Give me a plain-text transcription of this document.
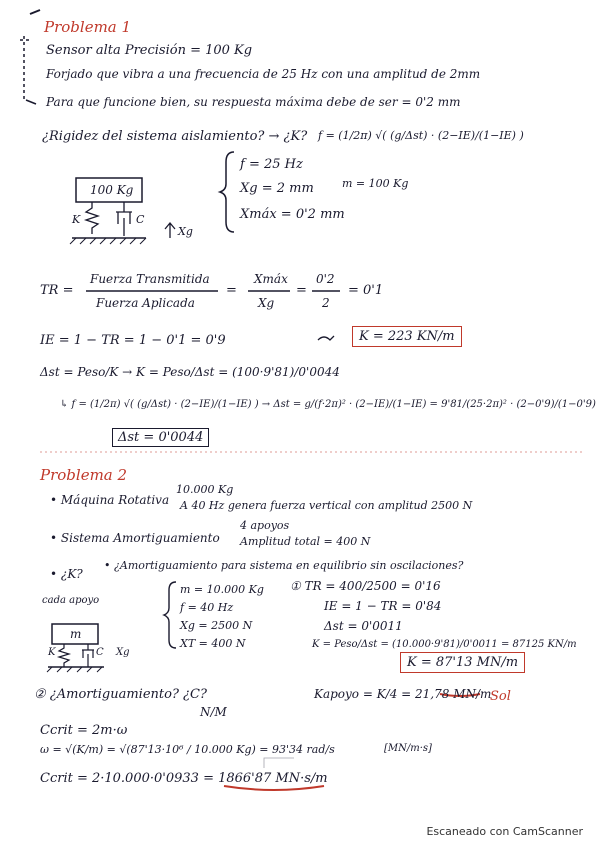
Problema 1
Sensor alta Precisión = 100 Kg
Forjado que vibra a una frecuencia de 25 Hz con una amplitud de 2mm
Para que funcione bien, su respuesta máxima debe de ser = 0'2 mm
¿Rigidez del sistema aislamiento? → ¿K? f = (1/2π) √( (g/Δst) · (2−IE)/(1−IE) )
100 Kg
K	C
Xg
f = 25 Hz
Xg = 2 mm
Xmáx = 0'2 mm
m = 100 Kg
TR =
Fuerza Transmitida
Fuerza Aplicada
=
Xmáx
Xg
=
0'2
2
= 0'1
IE = 1 − TR = 1 − 0'1 = 0'9
Δst = Peso/K → K = Peso/Δst = (100·9'81)/0'0044
K = 223 KN/m
↳ f = (1/2π) √( (g/Δst) · (2−IE)/(1−IE) ) → Δst = g/(f·2π)² · (2−IE)/(1−IE) = 9'81/(25·2π)² · (2−0'9)/(1−0'9)
Δst = 0'0044
Problema 2
• Máquina Rotativa
10.000 Kg
A 40 Hz genera fuerza vertical con amplitud 2500 N
• Sistema Amortiguamiento
4 apoyos
Amplitud total = 400 N
• ¿K?
• ¿Amortiguamiento para sistema en equilibrio sin oscilaciones?
cada apoyo
m
K	C Xg
m = 10.000 Kg
f = 40 Hz
Xg = 2500 N
XT = 400 N
① TR = 400/2500 = 0'16
IE = 1 − TR = 0'84
Δst = 0'0011
K = Peso/Δst = (10.000·9'81)/0'0011 = 87125 KN/m
K = 87'13 MN/m
② ¿Amortiguamiento? ¿C?	Kapoyo = K/4 = 21,78 MN/m
Sol
N/M
Ccrit = 2m·ω
ω = √(K/m) = √(87'13·10⁶ / 10.000 Kg) = 93'34 rad/s	[MN/m·s]
Ccrit = 2·10.000·0'0933 = 1866'87 MN·s/m
Escaneado con CamScanner
